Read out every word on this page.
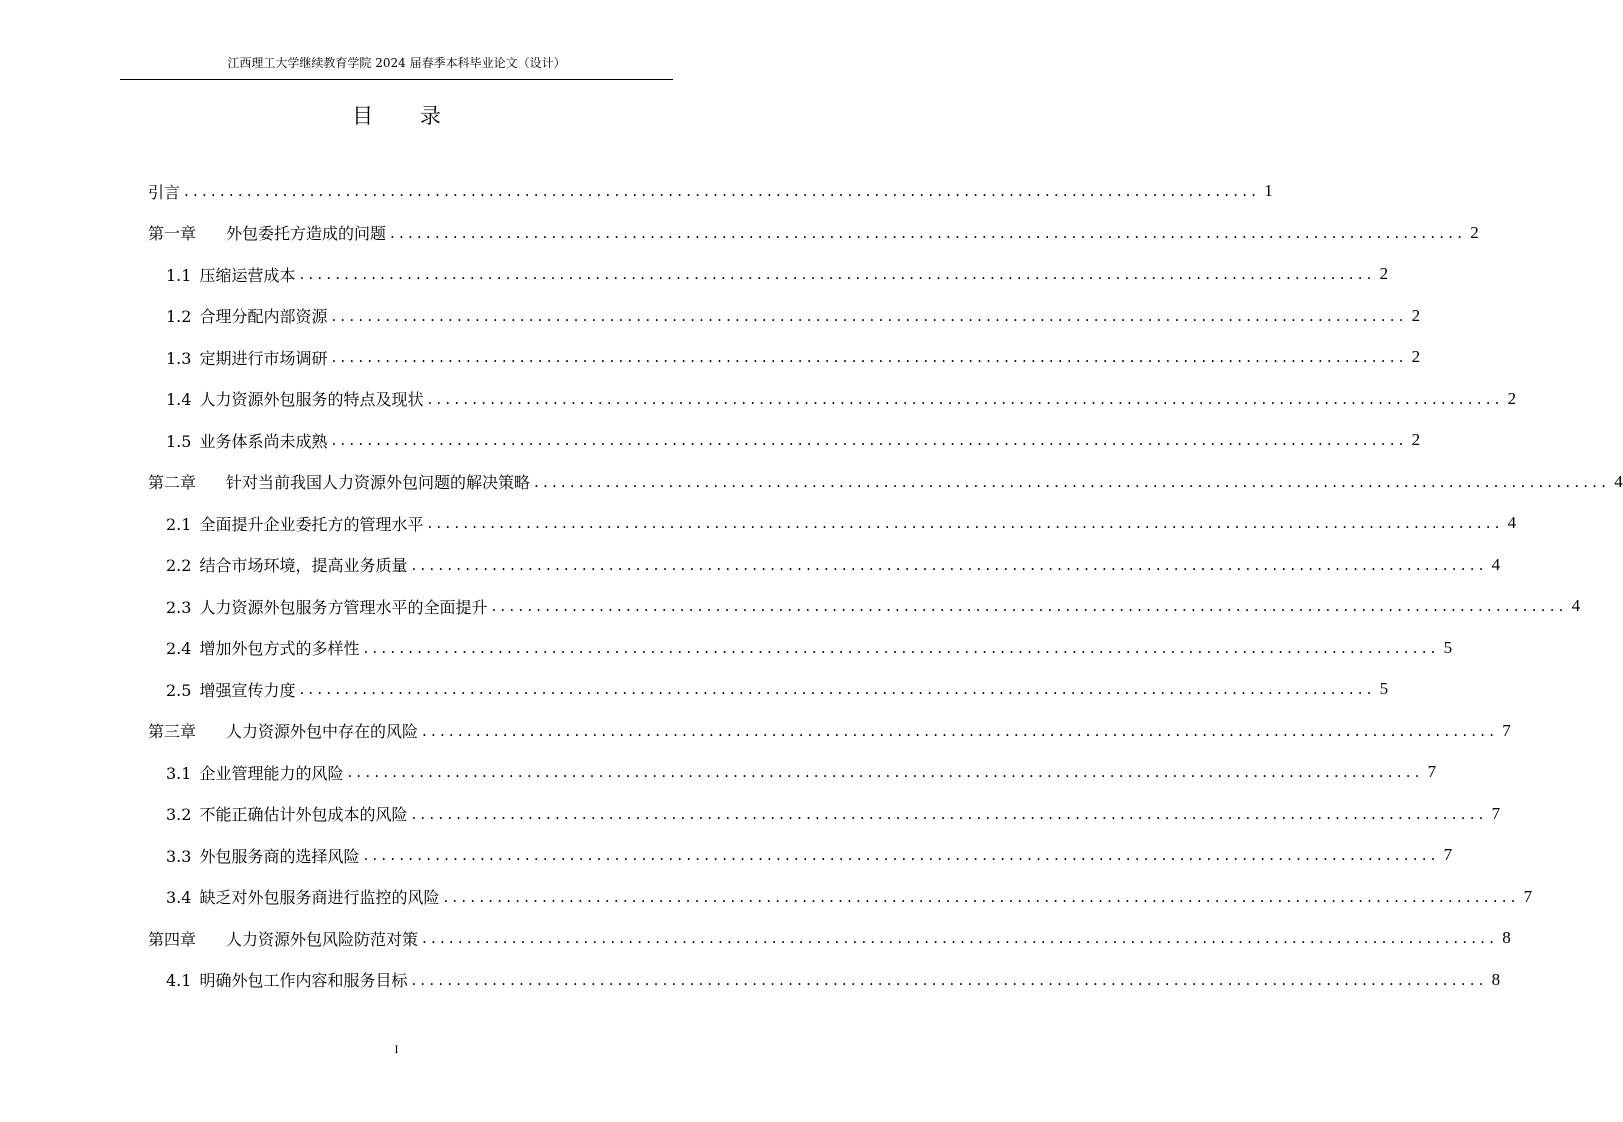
江西理工大学继续教育学院 2024 届春季本科毕业论文（设计）
目 录
引言 ........................................................................................................................ 1
第一章 外包委托方造成的问题 ........................................................................................................................ 2
1.1 压缩运营成本 ........................................................................................................................ 2
1.2 合理分配内部资源 ........................................................................................................................ 2
1.3 定期进行市场调研 ........................................................................................................................ 2
1.4 人力资源外包服务的特点及现状 ........................................................................................................................ 2
1.5 业务体系尚未成熟 ........................................................................................................................ 2
第二章 针对当前我国人力资源外包问题的解决策略 ........................................................................................................................ 4
2.1 全面提升企业委托方的管理水平 ........................................................................................................................ 4
2.2 结合市场环境，提高业务质量 ........................................................................................................................ 4
2.3 人力资源外包服务方管理水平的全面提升 ........................................................................................................................ 4
2.4 增加外包方式的多样性 ........................................................................................................................ 5
2.5 增强宣传力度 ........................................................................................................................ 5
第三章 人力资源外包中存在的风险 ........................................................................................................................ 7
3.1 企业管理能力的风险 ........................................................................................................................ 7
3.2 不能正确估计外包成本的风险 ........................................................................................................................ 7
3.3 外包服务商的选择风险 ........................................................................................................................ 7
3.4 缺乏对外包服务商进行监控的风险 ........................................................................................................................ 7
第四章 人力资源外包风险防范对策 ........................................................................................................................ 8
4.1 明确外包工作内容和服务目标 ........................................................................................................................ 8
I
